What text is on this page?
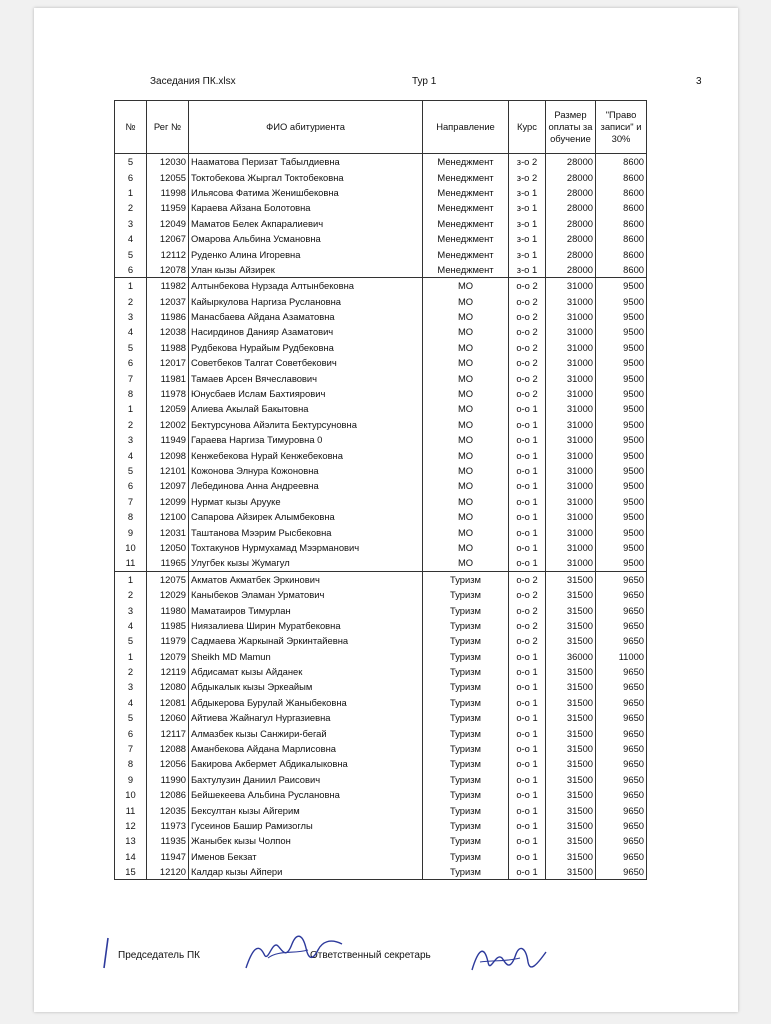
Заседания ПК.xlsx	Тур 1	3
№	Рег №	ФИО абитуриента	Направление	Курс	Размер оплаты за обучение	"Право записи" и 30%
5	12030	Нааматова Перизат Табылдиевна	Менеджмент	з-о 2	28000	8600
6	12055	Токтобекова Жыргал Токтобековна	Менеджмент	з-о 2	28000	8600
1	11998	Ильясова Фатима Женишбековна	Менеджмент	з-о 1	28000	8600
2	11959	Караева Айзана Болотовна	Менеджмент	з-о 1	28000	8600
3	12049	Маматов Белек Акпаралиевич	Менеджмент	з-о 1	28000	8600
4	12067	Омарова Альбина Усмановна	Менеджмент	з-о 1	28000	8600
5	12112	Руденко Алина Игоревна	Менеджмент	з-о 1	28000	8600
6	12078	Улан кызы Айзирек	Менеджмент	з-о 1	28000	8600
1	11982	Алтынбекова Нурзада Алтынбековна	МО	о-о 2	31000	9500
2	12037	Кайыркулова Наргиза Руслановна	МО	о-о 2	31000	9500
3	11986	Манасбаева Айдана Азаматовна	МО	о-о 2	31000	9500
4	12038	Насирдинов Данияр Азаматович	МО	о-о 2	31000	9500
5	11988	Рудбекова Нурайым Рудбековна	МО	о-о 2	31000	9500
6	12017	Советбеков Талгат Советбекович	МО	о-о 2	31000	9500
7	11981	Тамаев Арсен Вячеславович	МО	о-о 2	31000	9500
8	11978	Юнусбаев Ислам Бахтиярович	МО	о-о 2	31000	9500
1	12059	Алиева Акылай Бакытовна	МО	о-о 1	31000	9500
2	12002	Бектурсунова Айэлита Бектурсуновна	МО	о-о 1	31000	9500
3	11949	Гараева Наргиза Тимуровна 0	МО	о-о 1	31000	9500
4	12098	Кенжебекова Нурай Кенжебековна	МО	о-о 1	31000	9500
5	12101	Кожонова Элнура Кожоновна	МО	о-о 1	31000	9500
6	12097	Лебединова Анна Андреевна	МО	о-о 1	31000	9500
7	12099	Нурмат кызы Арууке	МО	о-о 1	31000	9500
8	12100	Сапарова Айзирек Алымбековна	МО	о-о 1	31000	9500
9	12031	Таштанова Мээрим Рысбековна	МО	о-о 1	31000	9500
10	12050	Тохтакунов Нурмухамад Мээрманович	МО	о-о 1	31000	9500
11	11965	Улугбек кызы Жумагул	МО	о-о 1	31000	9500
1	12075	Акматов Акматбек Эркинович	Туризм	о-о 2	31500	9650
2	12029	Каныбеков Эламан Урматович	Туризм	о-о 2	31500	9650
3	11980	Маматаиров Тимурлан	Туризм	о-о 2	31500	9650
4	11985	Ниязалиева Ширин Муратбековна	Туризм	о-о 2	31500	9650
5	11979	Садмаева Жаркынай Эркинтайевна	Туризм	о-о 2	31500	9650
1	12079	Sheikh MD Mamun	Туризм	о-о 1	36000	11000
2	12119	Абдисамат кызы Айданек	Туризм	о-о 1	31500	9650
3	12080	Абдыкалык кызы Эркеайым	Туризм	о-о 1	31500	9650
4	12081	Абдыкерова Бурулай Жаныбековна	Туризм	о-о 1	31500	9650
5	12060	Айтиева Жайнагул Нургазиевна	Туризм	о-о 1	31500	9650
6	12117	Алмазбек кызы Санжири-бегай	Туризм	о-о 1	31500	9650
7	12088	Аманбекова Айдана Марлисовна	Туризм	о-о 1	31500	9650
8	12056	Бакирова Акбермет Абдикалыковна	Туризм	о-о 1	31500	9650
9	11990	Бахтулузин Даниил Раисович	Туризм	о-о 1	31500	9650
10	12086	Бейшекеева Альбина Руслановна	Туризм	о-о 1	31500	9650
11	12035	Бексултан кызы Айгерим	Туризм	о-о 1	31500	9650
12	11973	Гусеинов Башир Рамизоглы	Туризм	о-о 1	31500	9650
13	11935	Жаныбек кызы Чолпон	Туризм	о-о 1	31500	9650
14	11947	Именов Бекзат	Туризм	о-о 1	31500	9650
15	12120	Калдар кызы Айпери	Туризм	о-о 1	31500	9650
Председатель ПК	Ответственный секретарь
